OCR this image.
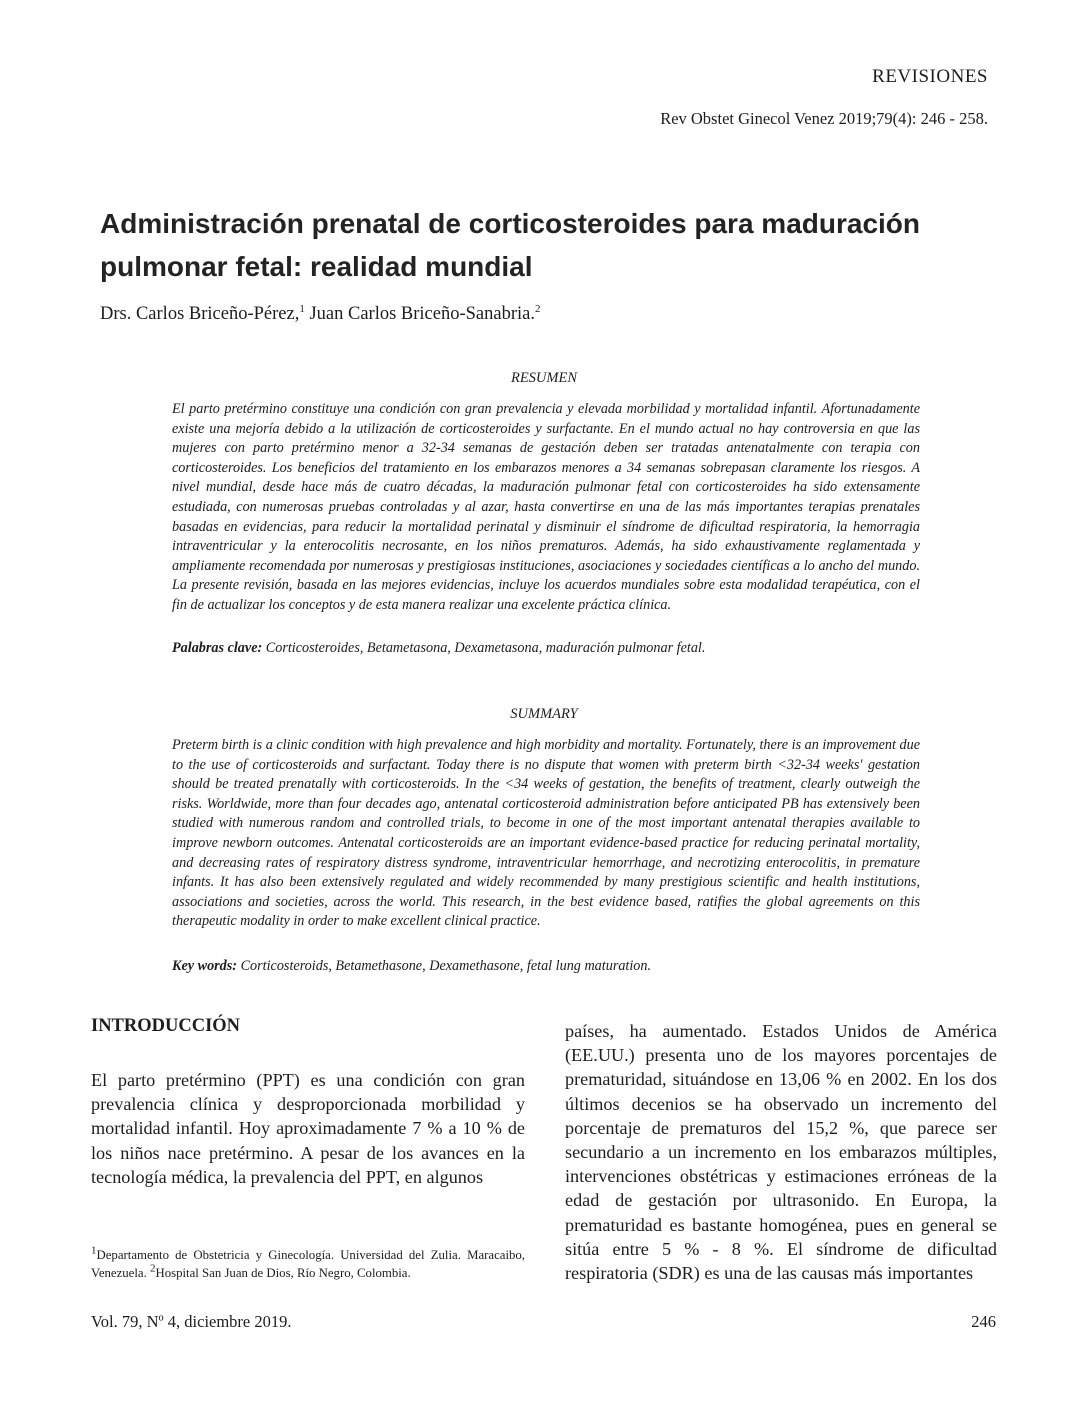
REVISIONES
Rev Obstet Ginecol Venez 2019;79(4): 246 - 258.
Administración prenatal de corticosteroides para maduración pulmonar fetal: realidad mundial
Drs. Carlos Briceño-Pérez,$^1$ Juan Carlos Briceño-Sanabria.$^2$
RESUMEN
El parto pretérmino constituye una condición con gran prevalencia y elevada morbilidad y mortalidad infantil. Afortunadamente existe una mejoría debido a la utilización de corticosteroides y surfactante. En el mundo actual no hay controversia en que las mujeres con parto pretérmino menor a 32-34 semanas de gestación deben ser tratadas antenatalmente con terapia con corticosteroides. Los beneficios del tratamiento en los embarazos menores a 34 semanas sobrepasan claramente los riesgos. A nivel mundial, desde hace más de cuatro décadas, la maduración pulmonar fetal con corticosteroides ha sido extensamente estudiada, con numerosas pruebas controladas y al azar, hasta convertirse en una de las más importantes terapias prenatales basadas en evidencias, para reducir la mortalidad perinatal y disminuir el síndrome de dificultad respiratoria, la hemorragia intraventricular y la enterocolitis necrosante, en los niños prematuros. Además, ha sido exhaustivamente reglamentada y ampliamente recomendada por numerosas y prestigiosas instituciones, asociaciones y sociedades científicas a lo ancho del mundo. La presente revisión, basada en las mejores evidencias, incluye los acuerdos mundiales sobre esta modalidad terapéutica, con el fin de actualizar los conceptos y de esta manera realizar una excelente práctica clínica.
Palabras clave: Corticosteroides, Betametasona, Dexametasona, maduración pulmonar fetal.
SUMMARY
Preterm birth is a clinic condition with high prevalence and high morbidity and mortality. Fortunately, there is an improvement due to the use of corticosteroids and surfactant. Today there is no dispute that women with preterm birth <32-34 weeks' gestation should be treated prenatally with corticosteroids. In the <34 weeks of gestation, the benefits of treatment, clearly outweigh the risks. Worldwide, more than four decades ago, antenatal corticosteroid administration before anticipated PB has extensively been studied with numerous random and controlled trials, to become in one of the most important antenatal therapies available to improve newborn outcomes. Antenatal corticosteroids are an important evidence-based practice for reducing perinatal mortality, and decreasing rates of respiratory distress syndrome, intraventricular hemorrhage, and necrotizing enterocolitis, in premature infants. It has also been extensively regulated and widely recommended by many prestigious scientific and health institutions, associations and societies, across the world. This research, in the best evidence based, ratifies the global agreements on this therapeutic modality in order to make excellent clinical practice.
Key words: Corticosteroids, Betamethasone, Dexamethasone, fetal lung maturation.
INTRODUCCIÓN
El parto pretérmino (PPT) es una condición con gran prevalencia clínica y desproporcionada morbilidad y mortalidad infantil. Hoy aproximadamente 7 % a 10 % de los niños nace pretérmino. A pesar de los avances en la tecnología médica, la prevalencia del PPT, en algunos
países, ha aumentado. Estados Unidos de América (EE.UU.) presenta uno de los mayores porcentajes de prematuridad, situándose en 13,06 % en 2002. En los dos últimos decenios se ha observado un incremento del porcentaje de prematuros del 15,2 %, que parece ser secundario a un incremento en los embarazos múltiples, intervenciones obstétricas y estimaciones erróneas de la edad de gestación por ultrasonido. En Europa, la prematuridad es bastante homogénea, pues en general se sitúa entre 5 % - 8 %. El síndrome de dificultad respiratoria (SDR) es una de las causas más importantes
$^1$Departamento de Obstetricia y Ginecología. Universidad del Zulia. Maracaibo, Venezuela. $^2$Hospital San Juan de Dios, Río Negro, Colombia.
Vol. 79, Nº 4, diciembre 2019.	246
